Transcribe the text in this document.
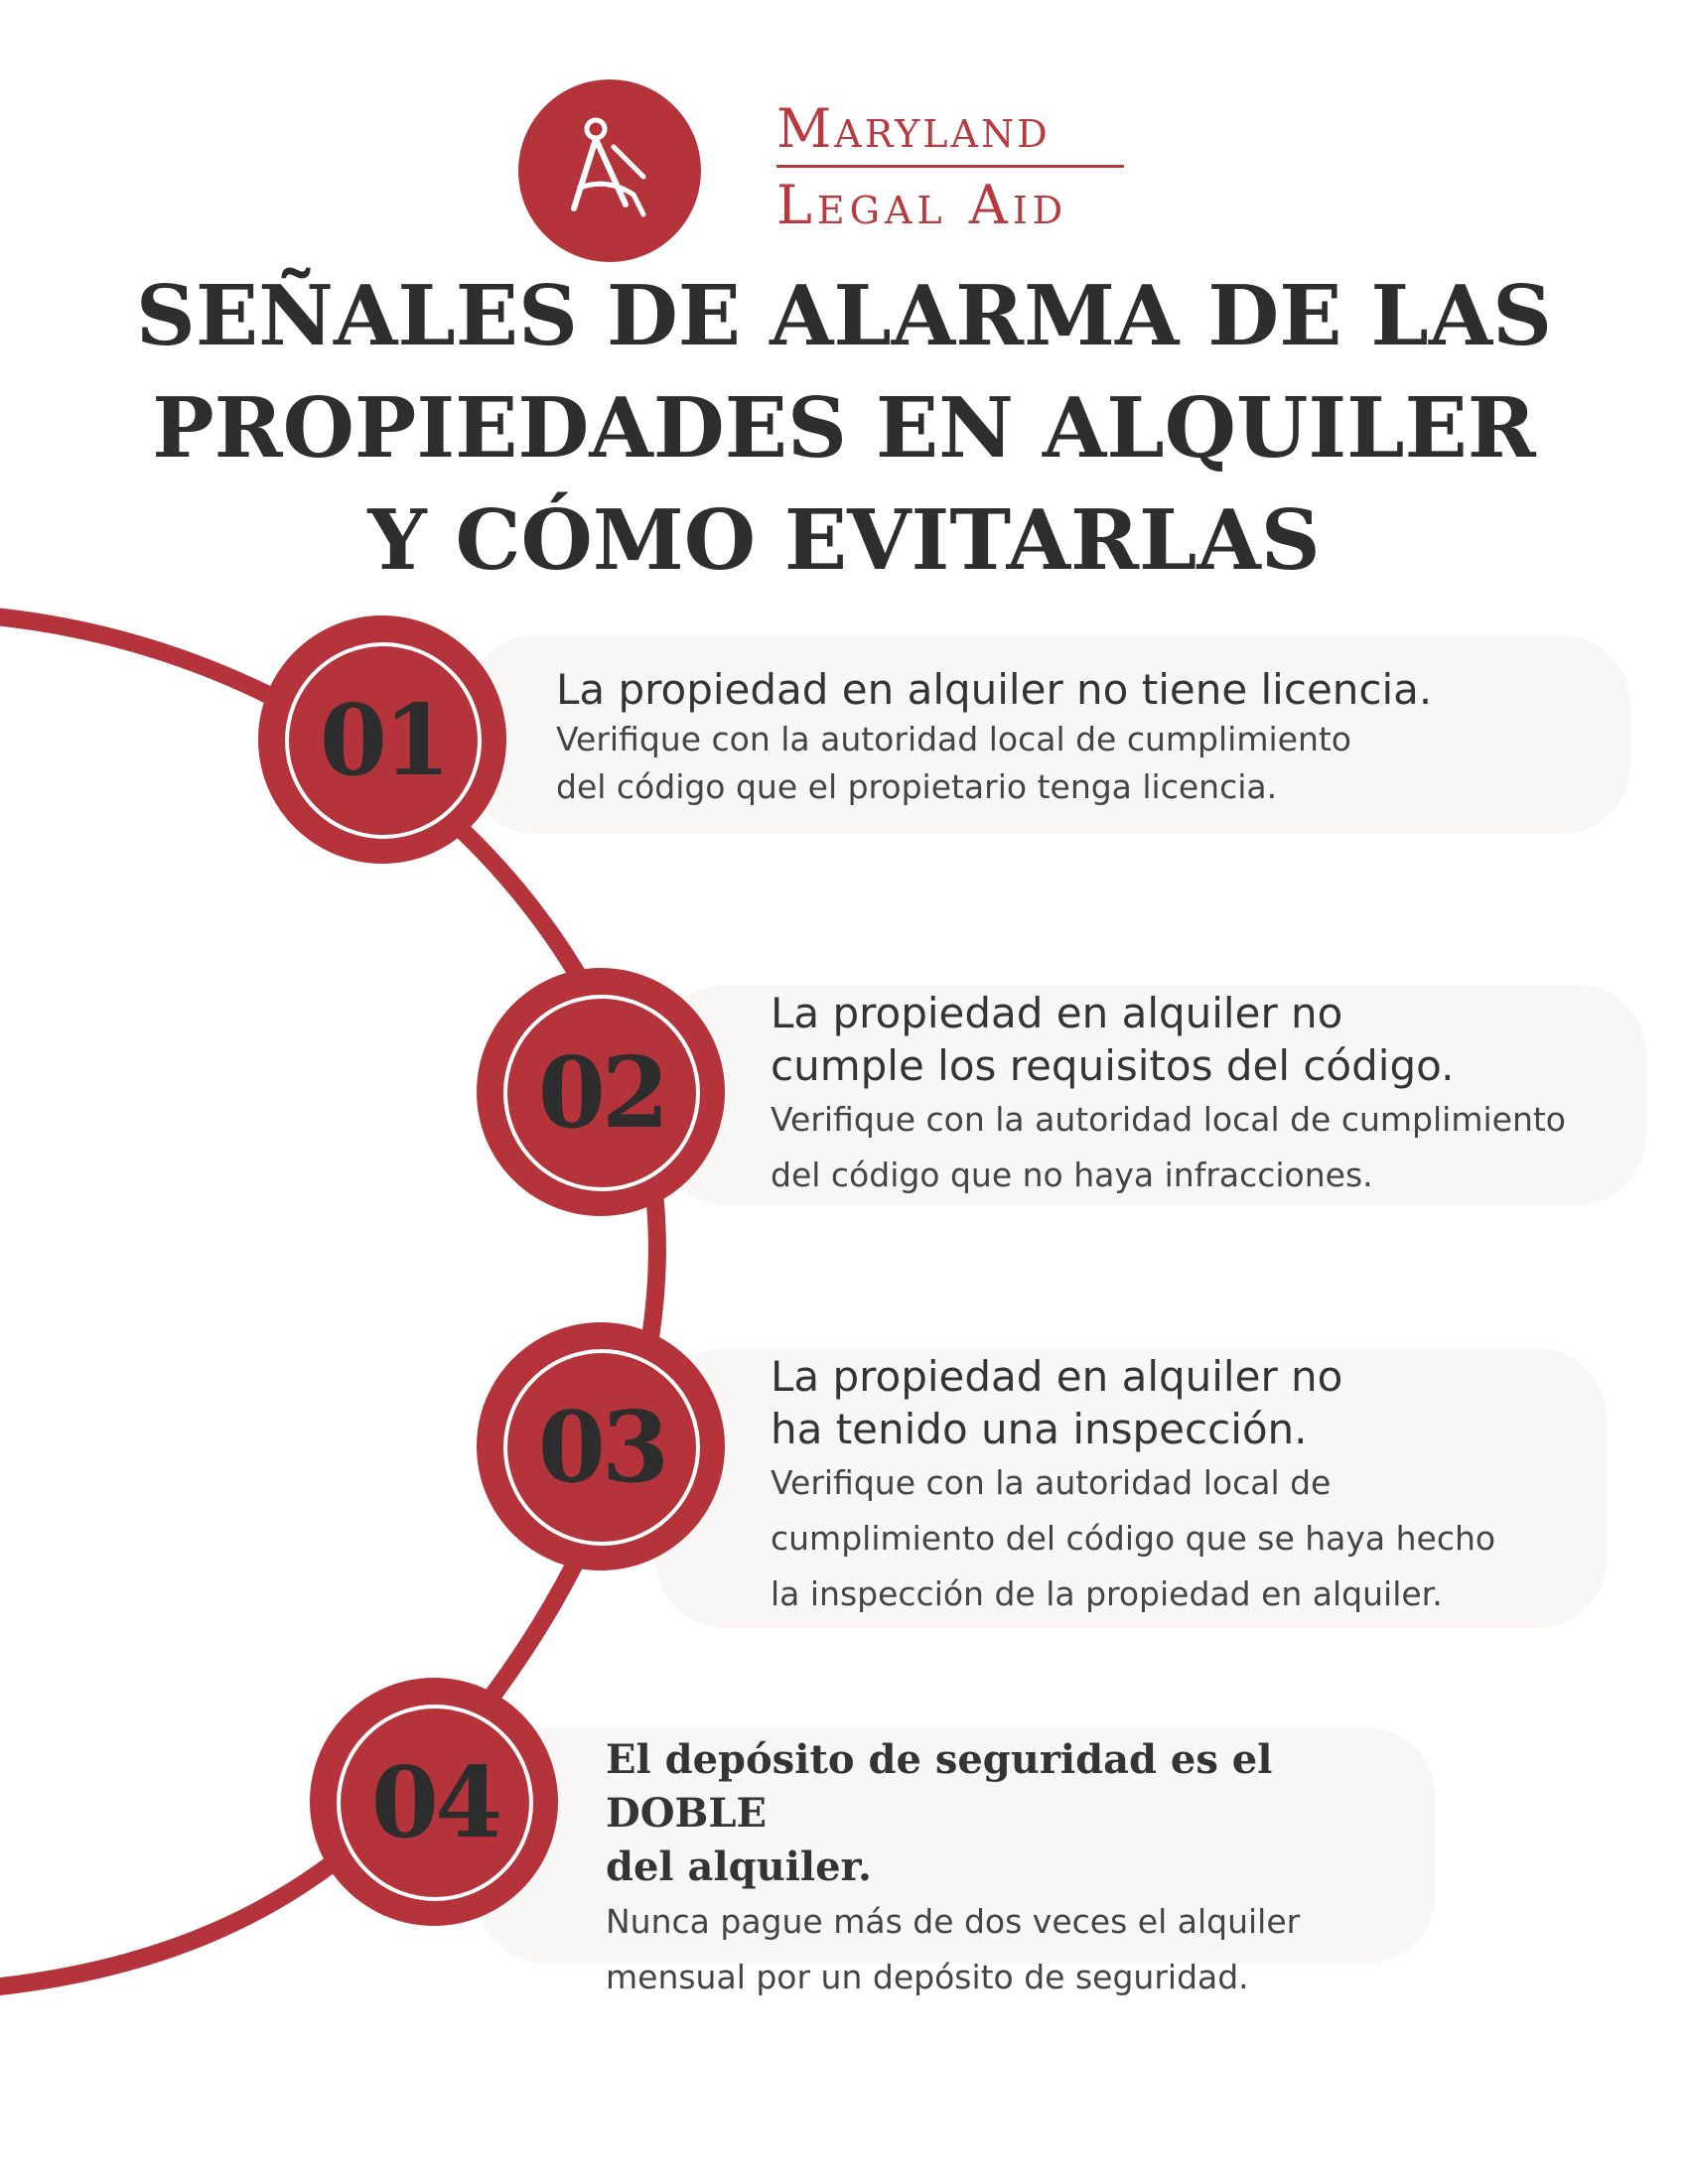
Maryland
Legal Aid
SEÑALES DE ALARMA DE LAS
PROPIEDADES EN ALQUILER
Y CÓMO EVITARLAS
01
02
03
04
La propiedad en alquiler no tiene licencia.
Verifique con la autoridad local de cumplimiento
del código que el propietario tenga licencia.
La propiedad en alquiler no
cumple los requisitos del código.
Verifique con la autoridad local de cumplimiento
del código que no haya infracciones.
La propiedad en alquiler no
ha tenido una inspección.
Verifique con la autoridad local de
cumplimiento del código que se haya hecho
la inspección de la propiedad en alquiler.
El depósito de seguridad es el DOBLE
del alquiler.
Nunca pague más de dos veces el alquiler
mensual por un depósito de seguridad.
